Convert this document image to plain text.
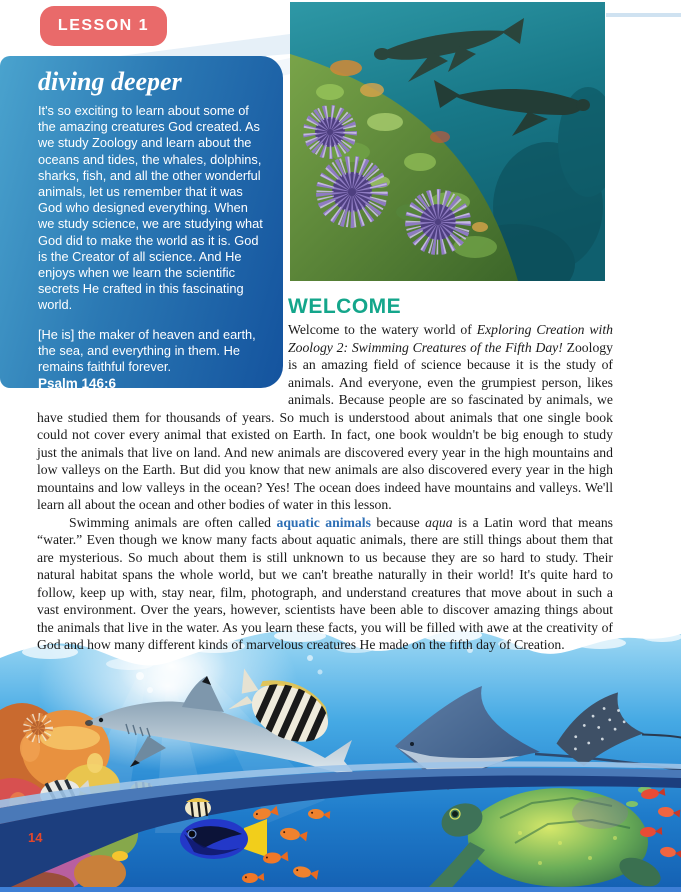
LESSON 1
diving deeper

It's so exciting to learn about some of the amazing creatures God created. As we study Zoology and learn about the oceans and tides, the whales, dolphins, sharks, fish, and all the other wonderful animals, let us remember that it was God who designed everything. When we study science, we are studying what God did to make the world as it is. God is the Creator of all science. And He enjoys when we learn the scientific secrets He crafted in this fascinating world.

[He is] the maker of heaven and earth, the sea, and everything in them. He remains faithful forever.

Psalm 146:6

WELCOME

Welcome to the watery world of Exploring Creation with Zoology 2: Swimming Creatures of the Fifth Day! Zoology is an amazing field of science because it is the study of animals. And everyone, even the grumpiest person, likes animals. Because people are so fascinated by animals, we have studied them for thousands of years. So much is understood about animals that one single book could not cover every animal that existed on Earth. In fact, one book wouldn't be big enough to study just the animals that live on land. And new animals are discovered every year in the high mountains and low valleys on the Earth. But did you know that new animals are also discovered every year in the high mountains and low valleys in the ocean? Yes! The ocean does indeed have mountains and valleys. We'll learn all about the ocean and other bodies of water in this lesson.

Swimming animals are often called aquatic animals because aqua is a Latin word that means “water.” Even though we know many facts about aquatic animals, there are still things about them that are mysterious. So much about them is still unknown to us because they are so hard to study. Their natural habitat spans the whole world, but we can't breathe naturally in their world! It's quite hard to follow, keep up with, stay near, film, photograph, and understand creatures that move about in such a vast environment. Over the years, however, scientists have been able to discover amazing things about the animals that live in the water. As you learn these facts, you will be filled with awe at the creativity of God and how many different kinds of marvelous creatures He made on the fifth day of Creation.

14
